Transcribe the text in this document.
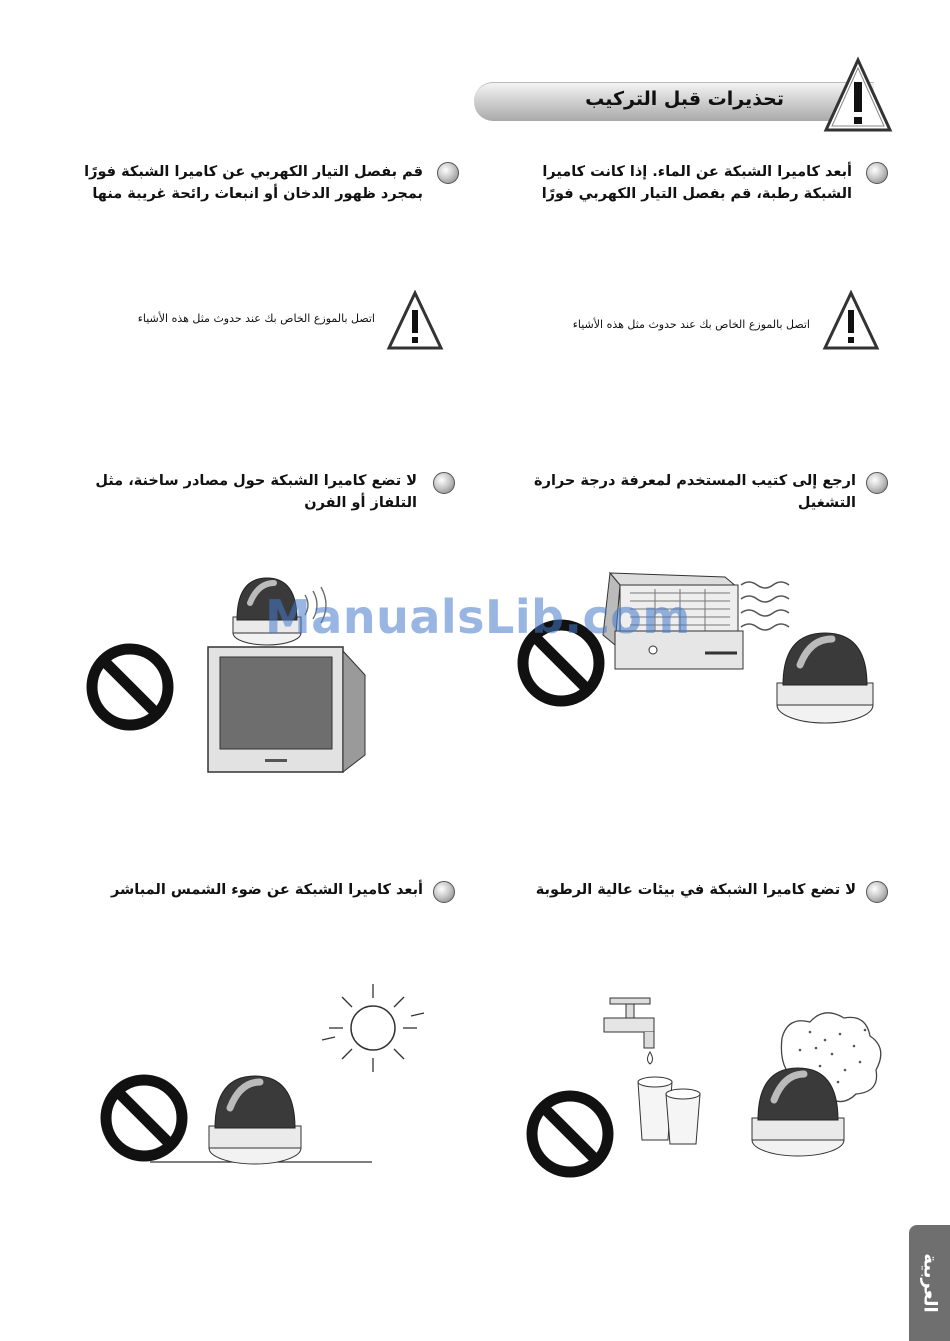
تحذيرات قبل التركيب
أبعد كاميرا الشبكة عن الماء. إذا كانت كاميرا
الشبكة رطبة، قم بفصل التيار الكهربي فورًا
قم بفصل التيار الكهربي عن كاميرا الشبكة فورًا
بمجرد ظهور الدخان أو انبعاث رائحة غريبة منها
اتصل بالموزع الخاص بك عند حدوث مثل هذه الأشياء
اتصل بالموزع الخاص بك عند حدوث مثل هذه الأشياء
ارجع إلى كتيب المستخدم لمعرفة درجة حرارة
التشغيل
لا تضع كاميرا الشبكة حول مصادر ساخنة، مثل
التلفاز أو الفرن
لا تضع كاميرا الشبكة في بيئات عالية الرطوبة
أبعد كاميرا الشبكة عن ضوء الشمس المباشر
ManualsLib.com
العربية
